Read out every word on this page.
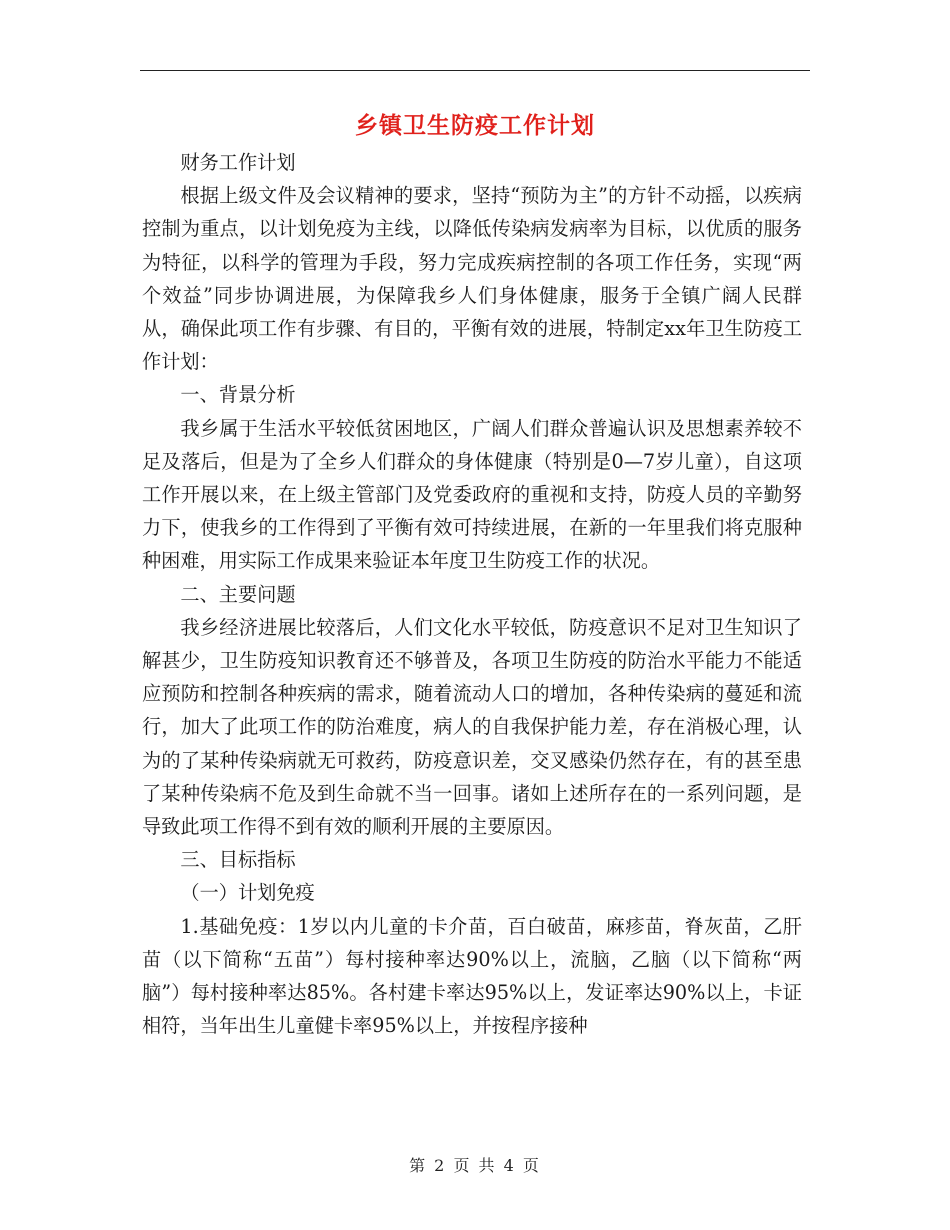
乡镇卫生防疫工作计划

财务工作计划

根据上级文件及会议精神的要求，坚持“预防为主”的方针不动摇，以疾病控制为重点，以计划免疫为主线，以降低传染病发病率为目标，以优质的服务为特征，以科学的管理为手段，努力完成疾病控制的各项工作任务，实现“两个效益”同步协调进展，为保障我乡人们身体健康，服务于全镇广阔人民群从，确保此项工作有步骤、有目的，平衡有效的进展，特制定xx年卫生防疫工作计划：

一、背景分析

我乡属于生活水平较低贫困地区，广阔人们群众普遍认识及思想素养较不足及落后，但是为了全乡人们群众的身体健康（特别是0—7岁儿童），自这项工作开展以来，在上级主管部门及党委政府的重视和支持，防疫人员的辛勤努力下，使我乡的工作得到了平衡有效可持续进展，在新的一年里我们将克服种种困难，用实际工作成果来验证本年度卫生防疫工作的状况。

二、主要问题

我乡经济进展比较落后，人们文化水平较低，防疫意识不足对卫生知识了解甚少，卫生防疫知识教育还不够普及，各项卫生防疫的防治水平能力不能适应预防和控制各种疾病的需求，随着流动人口的增加，各种传染病的蔓延和流行，加大了此项工作的防治难度，病人的自我保护能力差，存在消极心理，认为的了某种传染病就无可救药，防疫意识差，交叉感染仍然存在，有的甚至患了某种传染病不危及到生命就不当一回事。诸如上述所存在的一系列问题，是导致此项工作得不到有效的顺利开展的主要原因。

三、目标指标

（一）计划免疫

1.基础免疫：1岁以内儿童的卡介苗，百白破苗，麻疹苗，脊灰苗，乙肝苗（以下简称“五苗”）每村接种率达90%以上，流脑，乙脑（以下简称“两脑”）每村接种率达85%。各村建卡率达95%以上，发证率达90%以上，卡证相符，当年出生儿童健卡率95%以上，并按程序接种

第 2 页 共 4 页
